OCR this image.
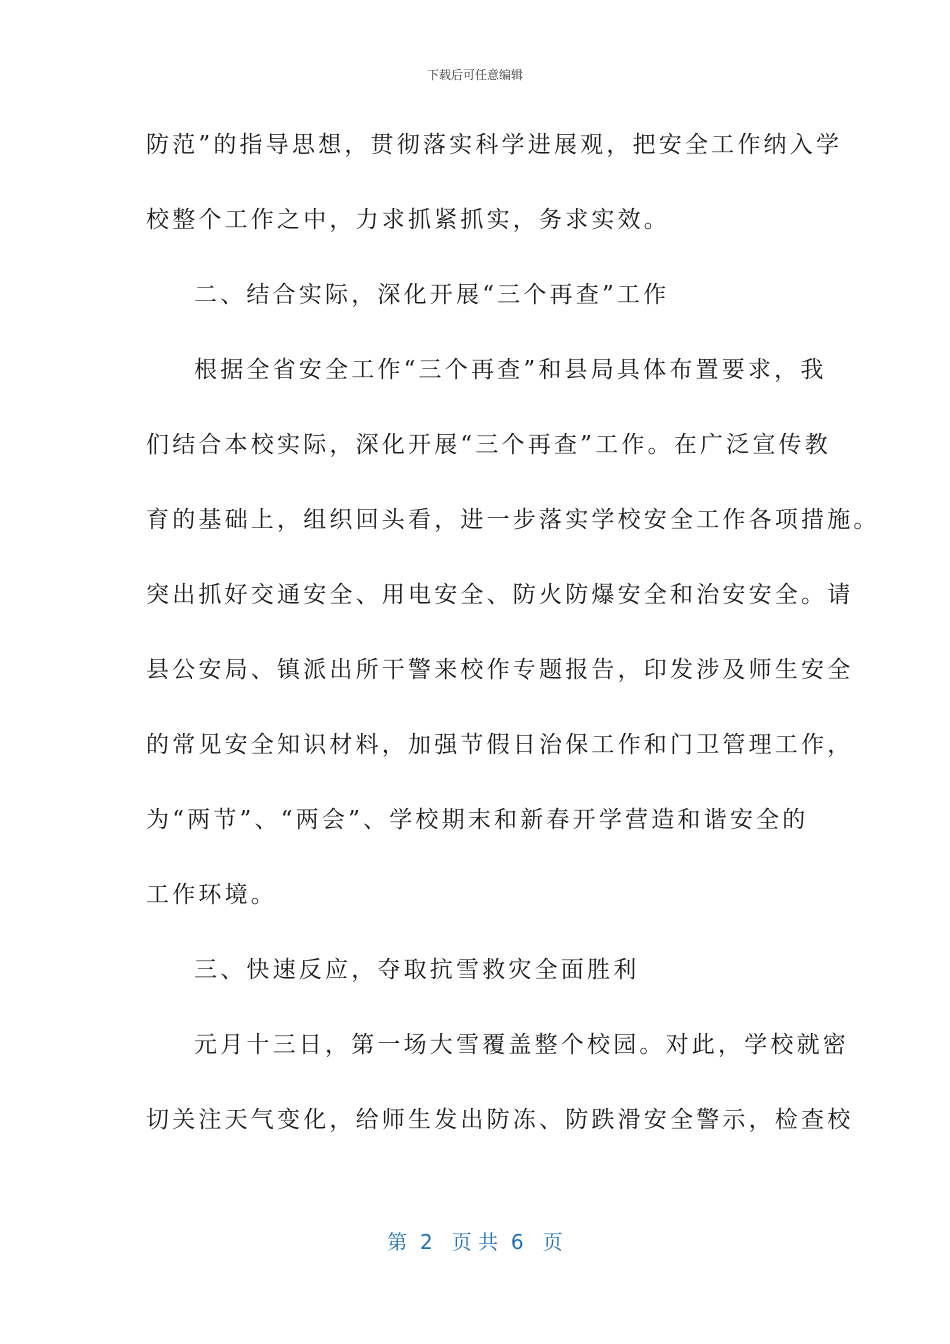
下载后可任意编辑
防范”的指导思想，贯彻落实科学进展观，把安全工作纳入学
校整个工作之中，力求抓紧抓实，务求实效。
二、结合实际，深化开展“三个再查”工作
根据全省安全工作“三个再查”和县局具体布置要求，我
们结合本校实际，深化开展“三个再查”工作。在广泛宣传教
育的基础上，组织回头看，进一步落实学校安全工作各项措施。
突出抓好交通安全、用电安全、防火防爆安全和治安安全。请
县公安局、镇派出所干警来校作专题报告，印发涉及师生安全
的常见安全知识材料，加强节假日治保工作和门卫管理工作，
为“两节”、“两会”、学校期末和新春开学营造和谐安全的
工作环境。
三、快速反应，夺取抗雪救灾全面胜利
元月十三日，第一场大雪覆盖整个校园。对此，学校就密
切关注天气变化，给师生发出防冻、防跌滑安全警示，检查校
第  2   页 共  6   页
